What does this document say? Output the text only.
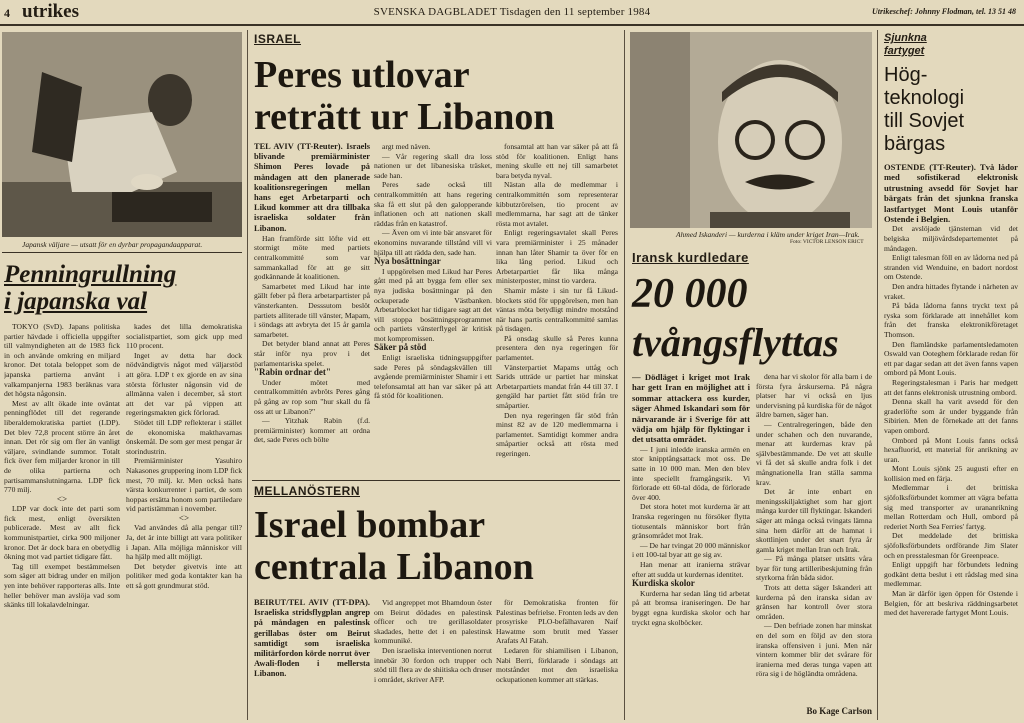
4 utrikes	SVENSKA DAGBLADET Tisdagen den 11 september 1984	Utrikeschef: Johnny Flodman, tel. 13 51 48
Japansk väljare — utsatt för en dyrbar propagandaapparat.
Penningrullning
i japanska val

TOKYO (SvD). Japans politiska partier hävdade i officiella uppgifter till valmyndigheten att de 1983 fick in och använde omkring en miljard kronor. Det totala beloppet som de japanska partierna använt i valkampanjerna 1983 beräknas vara det högsta någonsin.

Mest av allt ökade inte oväntat penningflödet till det regerande liberaldemokratiska partiet (LDP). Det blev 72,8 procent större än året innan. Det rör sig om fler än vanligt väljare, svindlande summor. Totalt fick över fem miljarder kronor in till de olika partierna och partisammanslutningarna. LDP fick 770 milj.

<>

LDP var dock inte det parti som fick mest, enligt översikten publicerade. Mest av allt fick kommunistpartiet, cirka 900 miljoner kronor. Det är dock bara en obetydlig ökning mot vad partiet tidigare fått.

Tag till exempet bestämmelsen som säger att bidrag under en miljon yen inte behöver rapporteras alls. Inte heller behöver man avslöja vad som skänks till lokalavdelningar.

kades det lilla demokratiska socialistpartiet, som gick upp med 110 procent.

Inget av detta har dock nödvändigtvis något med väljarstöd att göra. LDP t ex gjorde en av sina största förluster någonsin vid de allmänna valen i december, så stort att det var på vippen att regeringsmakten gick förlorad.

Stödet till LDP reflekterar i stället de ekonomiska makthavarnas önskemål. De som ger mest pengar är storindustrin.

Premiärminister Yasuhiro Nakasones gruppering inom LDP fick mest, 70 milj. kr. Men också hans värsta konkurrenter i partiet, de som hoppas ersätta honom som partiledare vid partistämman i november.

<>

Vad användes då alla pengar till? Ja, det är inte billigt att vara politiker i Japan. Alla möjliga människor vill ha hjälp med allt möjligt.

Det betyder givetvis inte att politiker med goda kontakter kan ha ett så gott grundmurat stöd.

ISRAEL
Peres utlovar
reträtt ur Libanon

TEL AVIV (TT-Reuter). Israels blivande premiärminister Shimon Peres lovade på måndagen att den planerade koalitionsregeringen mellan hans eget Arbetarparti och Likud kommer att dra tillbaka israeliska soldater från Libanon.

Han framförde sitt löfte vid ett stormigt möte med partiets centralkommitté som var sammankallad för att ge sitt godkännande åt koalitionen.

Samarbetet med Likud har inte gällt feber på flera arbetarpartister på vänsterkanten. Desssutom beslöt partiets alliterade till vänster, Mapam, i söndags att avbryta det 15 år gamla samarbetet.

Det betyder bland annat att Peres står inför nya prov i det parlamentariska spelet.

"Rabin ordnar det"

Under mötet med centralkommittén avbröts Peres gång på gång av rop som "hur skall du få oss att ur Libanon?"

— Yitzhak Rabin (f.d. premiärminister) kommer att ordna det, sade Peres och bölte

argt med näven.

— Vår regering skall dra loss nationen ur det libanesiska träsket, sade han.

Peres sade också till centralkommittén att hans regering ska få ett slut på den galopperande inflationen och att nationen skall räddas från en katastrof.

— Även om vi inte bär ansvaret för ekonomins nuvarande tillstånd vill vi hjälpa till att rädda den, sade han.

Nya bosättningar

I uppgörelsen med Likud har Peres gått med på att bygga fem eller sex nya judiska bosättningar på den ockuperade Västbanken. Arbetarblocket har tidigare sagt att det vill stoppa bosättningsprogrammet och partiets vänsterflygel är kritisk mot kompromissen.

Säker på stöd

Enligt israeliska tidningsuppgifter sade Peres på söndagskvällen till avgående premiärminister Shamir i ett telefonsamtal att han var säker på att få stöd för koalitionen.

fonsamtal att han var säker på att få stöd för koalitionen. Enligt hans mening skulle ett nej till samarbetet bara betyda nyval.

Nästan alla de medlemmar i centralkommittén som representerar kibbutzrörelsen, tio procent av medlemmarna, har sagt att de tänker rösta mot avtalet.

Enligt regeringsavtalet skall Peres vara premiärminister i 25 månader innan han låter Shamir ta över för en lika lång period. Likud och Arbetarpartiet får lika många ministerposter, minst tio vardera.

Shamir måste i sin tur få Likud-blockets stöd för uppgörelsen, men han väntas möta betydligt mindre motstånd när hans partis centralkommitté samlas på tisdagen.

På onsdag skulle så Peres kunna presentera den nya regeringen för parlamentet.

Vänsterpartiet Mapams uttåg och Sarids utträde ur partiet har minskat Arbetarpartiets mandat från 44 till 37. I gengäld har partiet fått stöd från tre småpartier.

Den nya regeringen får stöd från minst 82 av de 120 medlemmarna i parlamentet. Samtidigt kommer andra småpartier också att rösta med regeringen.

MELLANÖSTERN
Israel bombar
centrala Libanon

BEIRUT/TEL AVIV (TT-DPA). Israeliska stridsflygplan angrep på måndagen en palestinsk gerillabas öster om Beirut samtidigt som israeliska militärfordon körde norrut över Awali-floden i mellersta Libanon.

Vid angreppet mot Bhamdoun öster om Beirut dödades en palestinsk officer och tre gerillasoldater skadades, hette det i en palestinsk kommuniké.

Den israeliska interventionen norrut innebär 30 fordon och trupper och stöd till flera av de shiitiska och druser i området, skriver AFP.

för Demokratiska fronten för Palestinas befrielse. Fronten leds av den prosyriske PLO-befälhavaren Naif Hawatme som brutit med Yasser Arafats Al Fatah.

Ledaren för shiamilisen i Libanon, Nabi Berri, förklarade i söndags att motståndet mot den israeliska ockupationen kommer att stärkas.

Ahmed Iskanderi — kurderna i kläm under kriget Iran—Irak.
Foto: VICTOR LENSON ERICT
Iransk kurdledare
20 000
tvångsflyttas

— Dödläget i kriget mot Irak har gett Iran en möjlighet att i sommar attackera oss kurder, säger Ahmed Iskandari som för närvarande är i Sverige för att vädja om hjälp för flyktingar i det utsatta området.

— I juni inledde iranska armén en stor knipptångsattack mot oss. De satte in 10 000 man. Men den blev inte speciellt framgångsrik. Vi förlorade ett 60-tal döda, de förlorade över 400.

Det stora hotet mot kurderna är att Iranska regeringen nu försöker flytta tiotusentals människor bort från gränsområdet mot Irak.

— De har tvingat 20 000 människor i ett 100-tal byar att ge sig av.

Han menar att iranierna strävar efter att sudda ut kurdernas identitet.

Kurdiska skolor

Kurderna har sedan lång tid arbetat på att bromsa iraniseringen. De har byggt egna kurdiska skolor och har tryckt egna skolböcker.

dena har vi skolor för alla barn i de första fyra årskurserna. På några platser har vi också en ljus undervisning på kurdiska för de något äldre barnen, säger han.

— Centralregeringen, både den under schahen och den nuvarande, menar att kurdernas krav på självbestämmande. De vet att skulle vi få det så skulle andra folk i det mångnationella Iran ställa samma krav.

Det är inte enbart en meningsskiljaktighet som har gjort många kurder till flyktingar. Iskanderi säger att många också tvingats lämna sina hem därför att de hamnat i skottlinjen under det snart fyra år gamla kriget mellan Iran och Irak.

— På många platser utsätts våra byar för tung artilleribeskjutning från styrkorna från båda sidor.

Trots att detta säger Iskanderi att kurderna på den iranska sidan av gränsen har kontroll över stora områden.

— Den befriade zonen har minskat en del som en följd av den stora iranska offensiven i juni. Men när vintern kommer blir det svårare för iranierna med deras tunga vapen att röra sig i de högländta områdena.

Bo Kage Carlson
Sjunkna
fartyget
Hög-
teknologi
till Sovjet
bärgas

OSTENDE (TT-Reuter). Två lådor med sofistikerad elektronisk utrustning avsedd för Sovjet har bärgats från det sjunkna franska lastfartyget Mont Louis utanför Ostende i Belgien.

Det avslöjade tjänsteman vid det belgiska miljövårdsdepartementet på måndagen.

Enligt talesman föll en av lådorna ned på stranden vid Wenduine, en badort nordost om Ostende.

Den andra hittades flytande i närheten av vraket.

På båda lådorna fanns tryckt text på ryska som förklarade att innehållet kom från det franska elektronikföretaget Thomson.

Den flamländske parlamentsledamoten Oswald van Ooteghem förklarade redan för ett par dagar sedan att det även fanns vapen ombord på Mont Louis.

Regeringstalesman i Paris har medgett att det fanns elektronisk utrustning ombord.

Denna skall ha varit avsedd för den graderlöfte som är under byggande från Sibirien. Men de förnekade att det fanns vapen ombord.

Ombord på Mont Louis fanns också hexafluorid, ett material för anrikning av uran.

Mont Louis sjönk 25 augusti efter en kollision med en färja.

Medlemmar i det brittiska sjöfolksförbundet kommer att vägra befatta sig med transporter av urananrikning mellan Rotterdam och Hull, ombord på rederiet North Sea Ferries' fartyg.

Det meddelade det brittiska sjöfolksförbundets ordförande Jim Slater och en presstalesman för Greenpeace.

Enligt uppgift har förbundets ledning godkänt detta beslut i ett rådslag med sina medlemmar.

Man är därför igen öppen för Ostende i Belgien, för att beskriva räddningsarbetet med det havererade fartyget Mont Louis.
